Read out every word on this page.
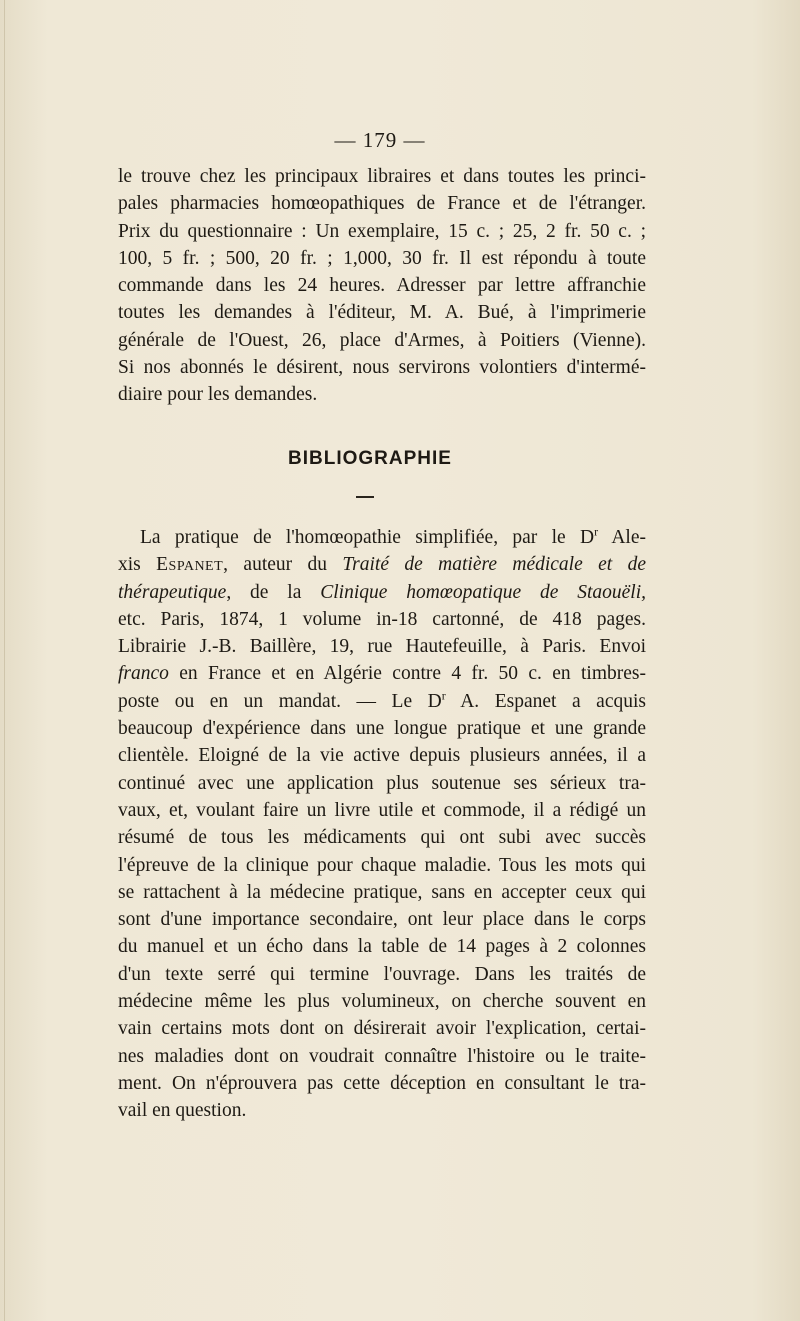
— 179 —
le trouve chez les principaux libraires et dans toutes les princi-
pales pharmacies homœopathiques de France et de l'étranger.
Prix du questionnaire : Un exemplaire, 15 c. ; 25, 2 fr. 50 c. ;
100, 5 fr. ; 500, 20 fr. ; 1,000, 30 fr. Il est répondu à toute
commande dans les 24 heures. Adresser par lettre affranchie
toutes les demandes à l'éditeur, M. A. Bué, à l'imprimerie
générale de l'Ouest, 26, place d'Armes, à Poitiers (Vienne).
Si nos abonnés le désirent, nous servirons volontiers d'intermé-
diaire pour les demandes.
BIBLIOGRAPHIE
La pratique de l'homœopathie simplifiée, par le $D^r$ Ale-
xis Espanet, auteur du Traité de matière médicale et de
thérapeutique, de la Clinique homœopatique de Staouëli,
etc. Paris, 1874, 1 volume in-18 cartonné, de 418 pages.
Librairie J.-B. Baillère, 19, rue Hautefeuille, à Paris. Envoi
franco en France et en Algérie contre 4 fr. 50 c. en timbres-
poste ou en un mandat. — Le $D^r$ A. Espanet a acquis
beaucoup d'expérience dans une longue pratique et une grande
clientèle. Eloigné de la vie active depuis plusieurs années, il a
continué avec une application plus soutenue ses sérieux tra-
vaux, et, voulant faire un livre utile et commode, il a rédigé un
résumé de tous les médicaments qui ont subi avec succès
l'épreuve de la clinique pour chaque maladie. Tous les mots qui
se rattachent à la médecine pratique, sans en accepter ceux qui
sont d'une importance secondaire, ont leur place dans le corps
du manuel et un écho dans la table de 14 pages à 2 colonnes
d'un texte serré qui termine l'ouvrage. Dans les traités de
médecine même les plus volumineux, on cherche souvent en
vain certains mots dont on désirerait avoir l'explication, certai-
nes maladies dont on voudrait connaître l'histoire ou le traite-
ment. On n'éprouvera pas cette déception en consultant le tra-
vail en question.
